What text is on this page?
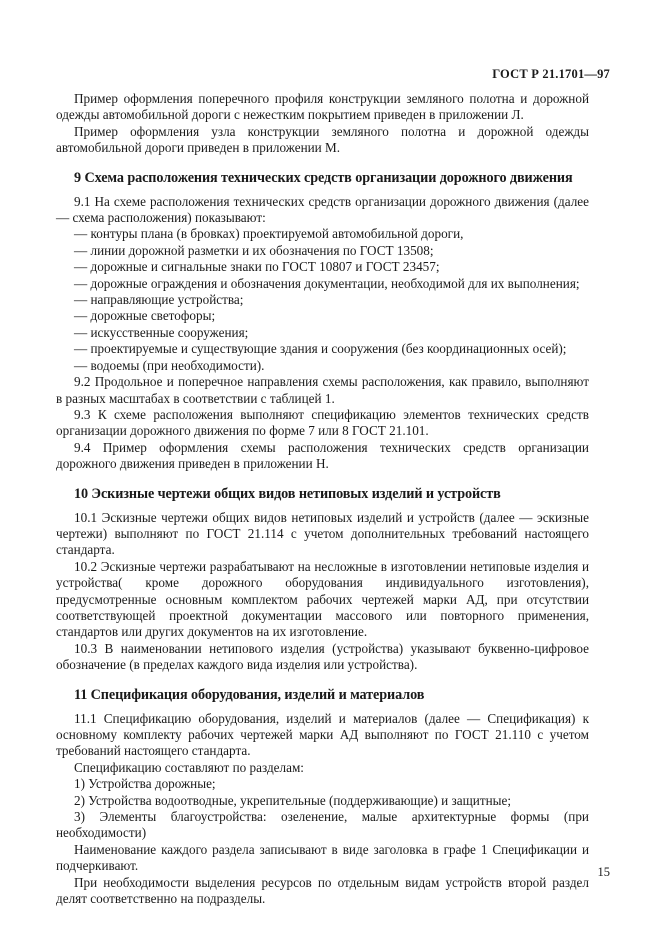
ГОСТ Р 21.1701—97

Пример оформления поперечного профиля конструкции земляного полотна и дорожной одежды автомобильной дороги с нежестким покрытием приведен в приложении Л.

Пример оформления узла конструкции земляного полотна и дорожной одежды автомобильной дороги приведен в приложении М.

9 Схема расположения технических средств организации дорожного движения

9.1 На схеме расположения технических средств организации дорожного движения (далее — схема расположения) показывают:

— контуры плана (в бровках) проектируемой автомобильной дороги,
— линии дорожной разметки и их обозначения по ГОСТ 13508;
— дорожные и сигнальные знаки по ГОСТ 10807 и ГОСТ 23457;
— дорожные ограждения и обозначения документации, необходимой для их выполнения;
— направляющие устройства;
— дорожные светофоры;
— искусственные сооружения;
— проектируемые и существующие здания и сооружения (без координационных осей);
— водоемы (при необходимости).

9.2 Продольное и поперечное направления схемы расположения, как правило, выполняют в разных масштабах в соответствии с таблицей 1.

9.3 К схеме расположения выполняют спецификацию элементов технических средств организации дорожного движения по форме 7 или 8 ГОСТ 21.101.

9.4 Пример оформления схемы расположения технических средств организации дорожного движения приведен в приложении Н.

10 Эскизные чертежи общих видов нетиповых изделий и устройств

10.1 Эскизные чертежи общих видов нетиповых изделий и устройств (далее — эскизные чертежи) выполняют по ГОСТ 21.114 с учетом дополнительных требований настоящего стандарта.

10.2 Эскизные чертежи разрабатывают на несложные в изготовлении нетиповые изделия и устройства( кроме дорожного оборудования индивидуального изготовления), предусмотренные основным комплектом рабочих чертежей марки АД, при отсутствии соответствующей проектной документации массового или повторного применения, стандартов или других документов на их изготовление.

10.3 В наименовании нетипового изделия (устройства) указывают буквенно-цифровое обозначение (в пределах каждого вида изделия или устройства).

11 Спецификация оборудования, изделий и материалов

11.1 Спецификацию оборудования, изделий и материалов (далее — Спецификация) к основному комплекту рабочих чертежей марки АД выполняют по ГОСТ 21.110 с учетом требований настоящего стандарта.

Спецификацию составляют по разделам:

1) Устройства дорожные;
2) Устройства водоотводные, укрепительные (поддерживающие) и защитные;
3) Элементы благоустройства: озеленение, малые архитектурные формы (при необходимости)

Наименование каждого раздела записывают в виде заголовка в графе 1 Спецификации и подчеркивают.

При необходимости выделения ресурсов по отдельным видам устройств второй раздел делят соответственно на подразделы.

15
